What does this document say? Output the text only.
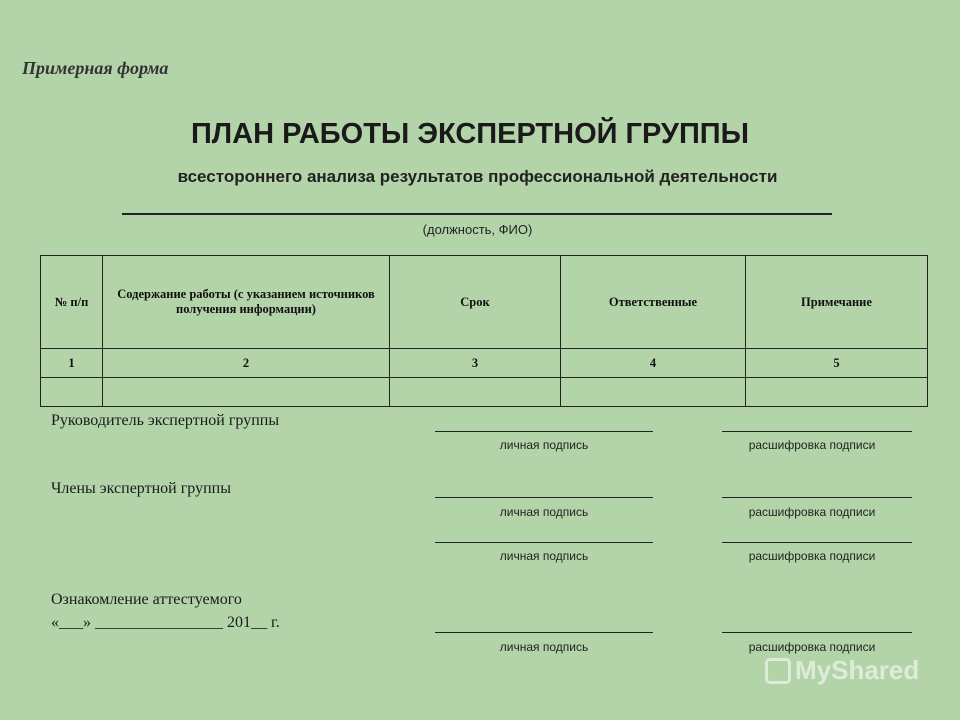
Примерная форма
ПЛАН РАБОТЫ ЭКСПЕРТНОЙ ГРУППЫ
всестороннего анализа результатов профессиональной деятельности
(должность, ФИО)
№ п/п	Содержание работы (с указанием источников получения информации)	Срок	Ответственные	Примечание
1	2	3	4	5

Руководитель экспертной группы
личная подпись	расшифровка подписи
Члены экспертной группы
личная подпись	расшифровка подписи
личная подпись	расшифровка подписи
Ознакомление аттестуемого
«___» ________________ 201__ г.
личная подпись	расшифровка подписи
MyShared
